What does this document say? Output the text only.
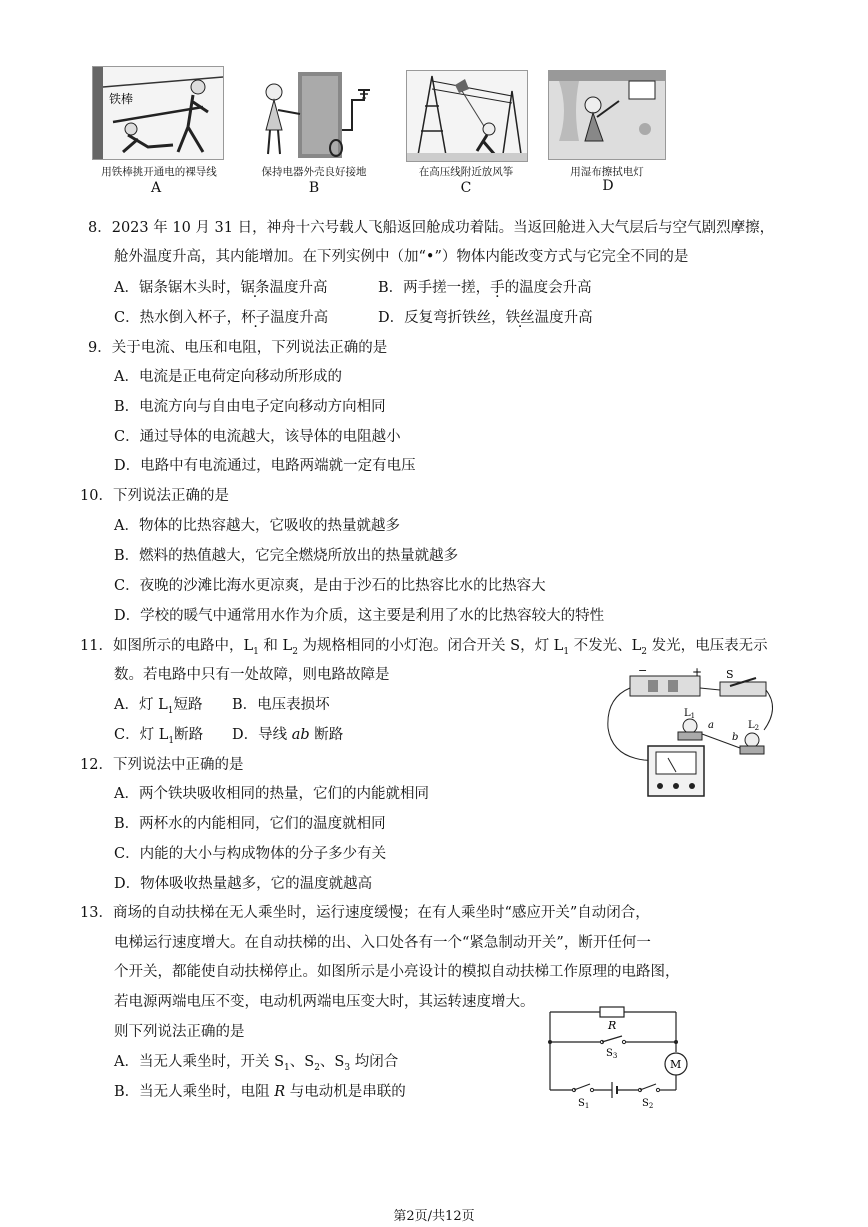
铁棒
用铁棒挑开通电的裸导线
A
保持电器外壳良好接地
B
在高压线附近放风筝
C
用湿布擦拭电灯
D
8．2023 年 10 月 31 日，神舟十六号载人飞船返回舱成功着陆。当返回舱进入大气层后与空气剧烈摩擦，
舱外温度升高，其内能增加。在下列实例中（加“•”）物体内能改变方式与它完全不同的是
A．锯条锯木头时，锯条温度升高	B．两手搓一搓，手的温度会升高
C．热水倒入杯子，杯子温度升高	D．反复弯折铁丝，铁丝温度升高
9．关于电流、电压和电阻，下列说法正确的是
A．电流是正电荷定向移动所形成的
B．电流方向与自由电子定向移动方向相同
C．通过导体的电流越大，该导体的电阻越小
D．电路中有电流通过，电路两端就一定有电压
10．下列说法正确的是
A．物体的比热容越大，它吸收的热量就越多
B．燃料的热值越大，它完全燃烧所放出的热量就越多
C．夜晚的沙滩比海水更凉爽，是由于沙石的比热容比水的比热容大
D．学校的暖气中通常用水作为介质，这主要是利用了水的比热容较大的特性
11．如图所示的电路中，$L_1$ 和 $L_2$ 为规格相同的小灯泡。闭合开关 S，灯 $L_1$ 不发光、$L_2$ 发光，电压表无示
数。若电路中只有一处故障，则电路故障是
A．灯 $L_1$短路 B．电压表损坏
C．灯 $L_1$断路 D．导线 ab 断路
−	+ S
$L_1$
a	$L_2$
b
12．下列说法中正确的是
A．两个铁块吸收相同的热量，它们的内能就相同
B．两杯水的内能相同，它们的温度就相同
C．内能的大小与构成物体的分子多少有关
D．物体吸收热量越多，它的温度就越高
13．商场的自动扶梯在无人乘坐时，运行速度缓慢；在有人乘坐时“感应开关”自动闭合，
电梯运行速度增大。在自动扶梯的出、入口处各有一个“紧急制动开关”，断开任何一
个开关，都能使自动扶梯停止。如图所示是小亮设计的模拟自动扶梯工作原理的电路图，
若电源两端电压不变，电动机两端电压变大时，其运转速度增大。
则下列说法正确的是
A．当无人乘坐时，开关 $S_1$、$S_2$、$S_3$ 均闭合
B．当无人乘坐时，电阻 R 与电动机是串联的
R
$S_3$
M
$S_1$	$S_2$
第2页/共12页
